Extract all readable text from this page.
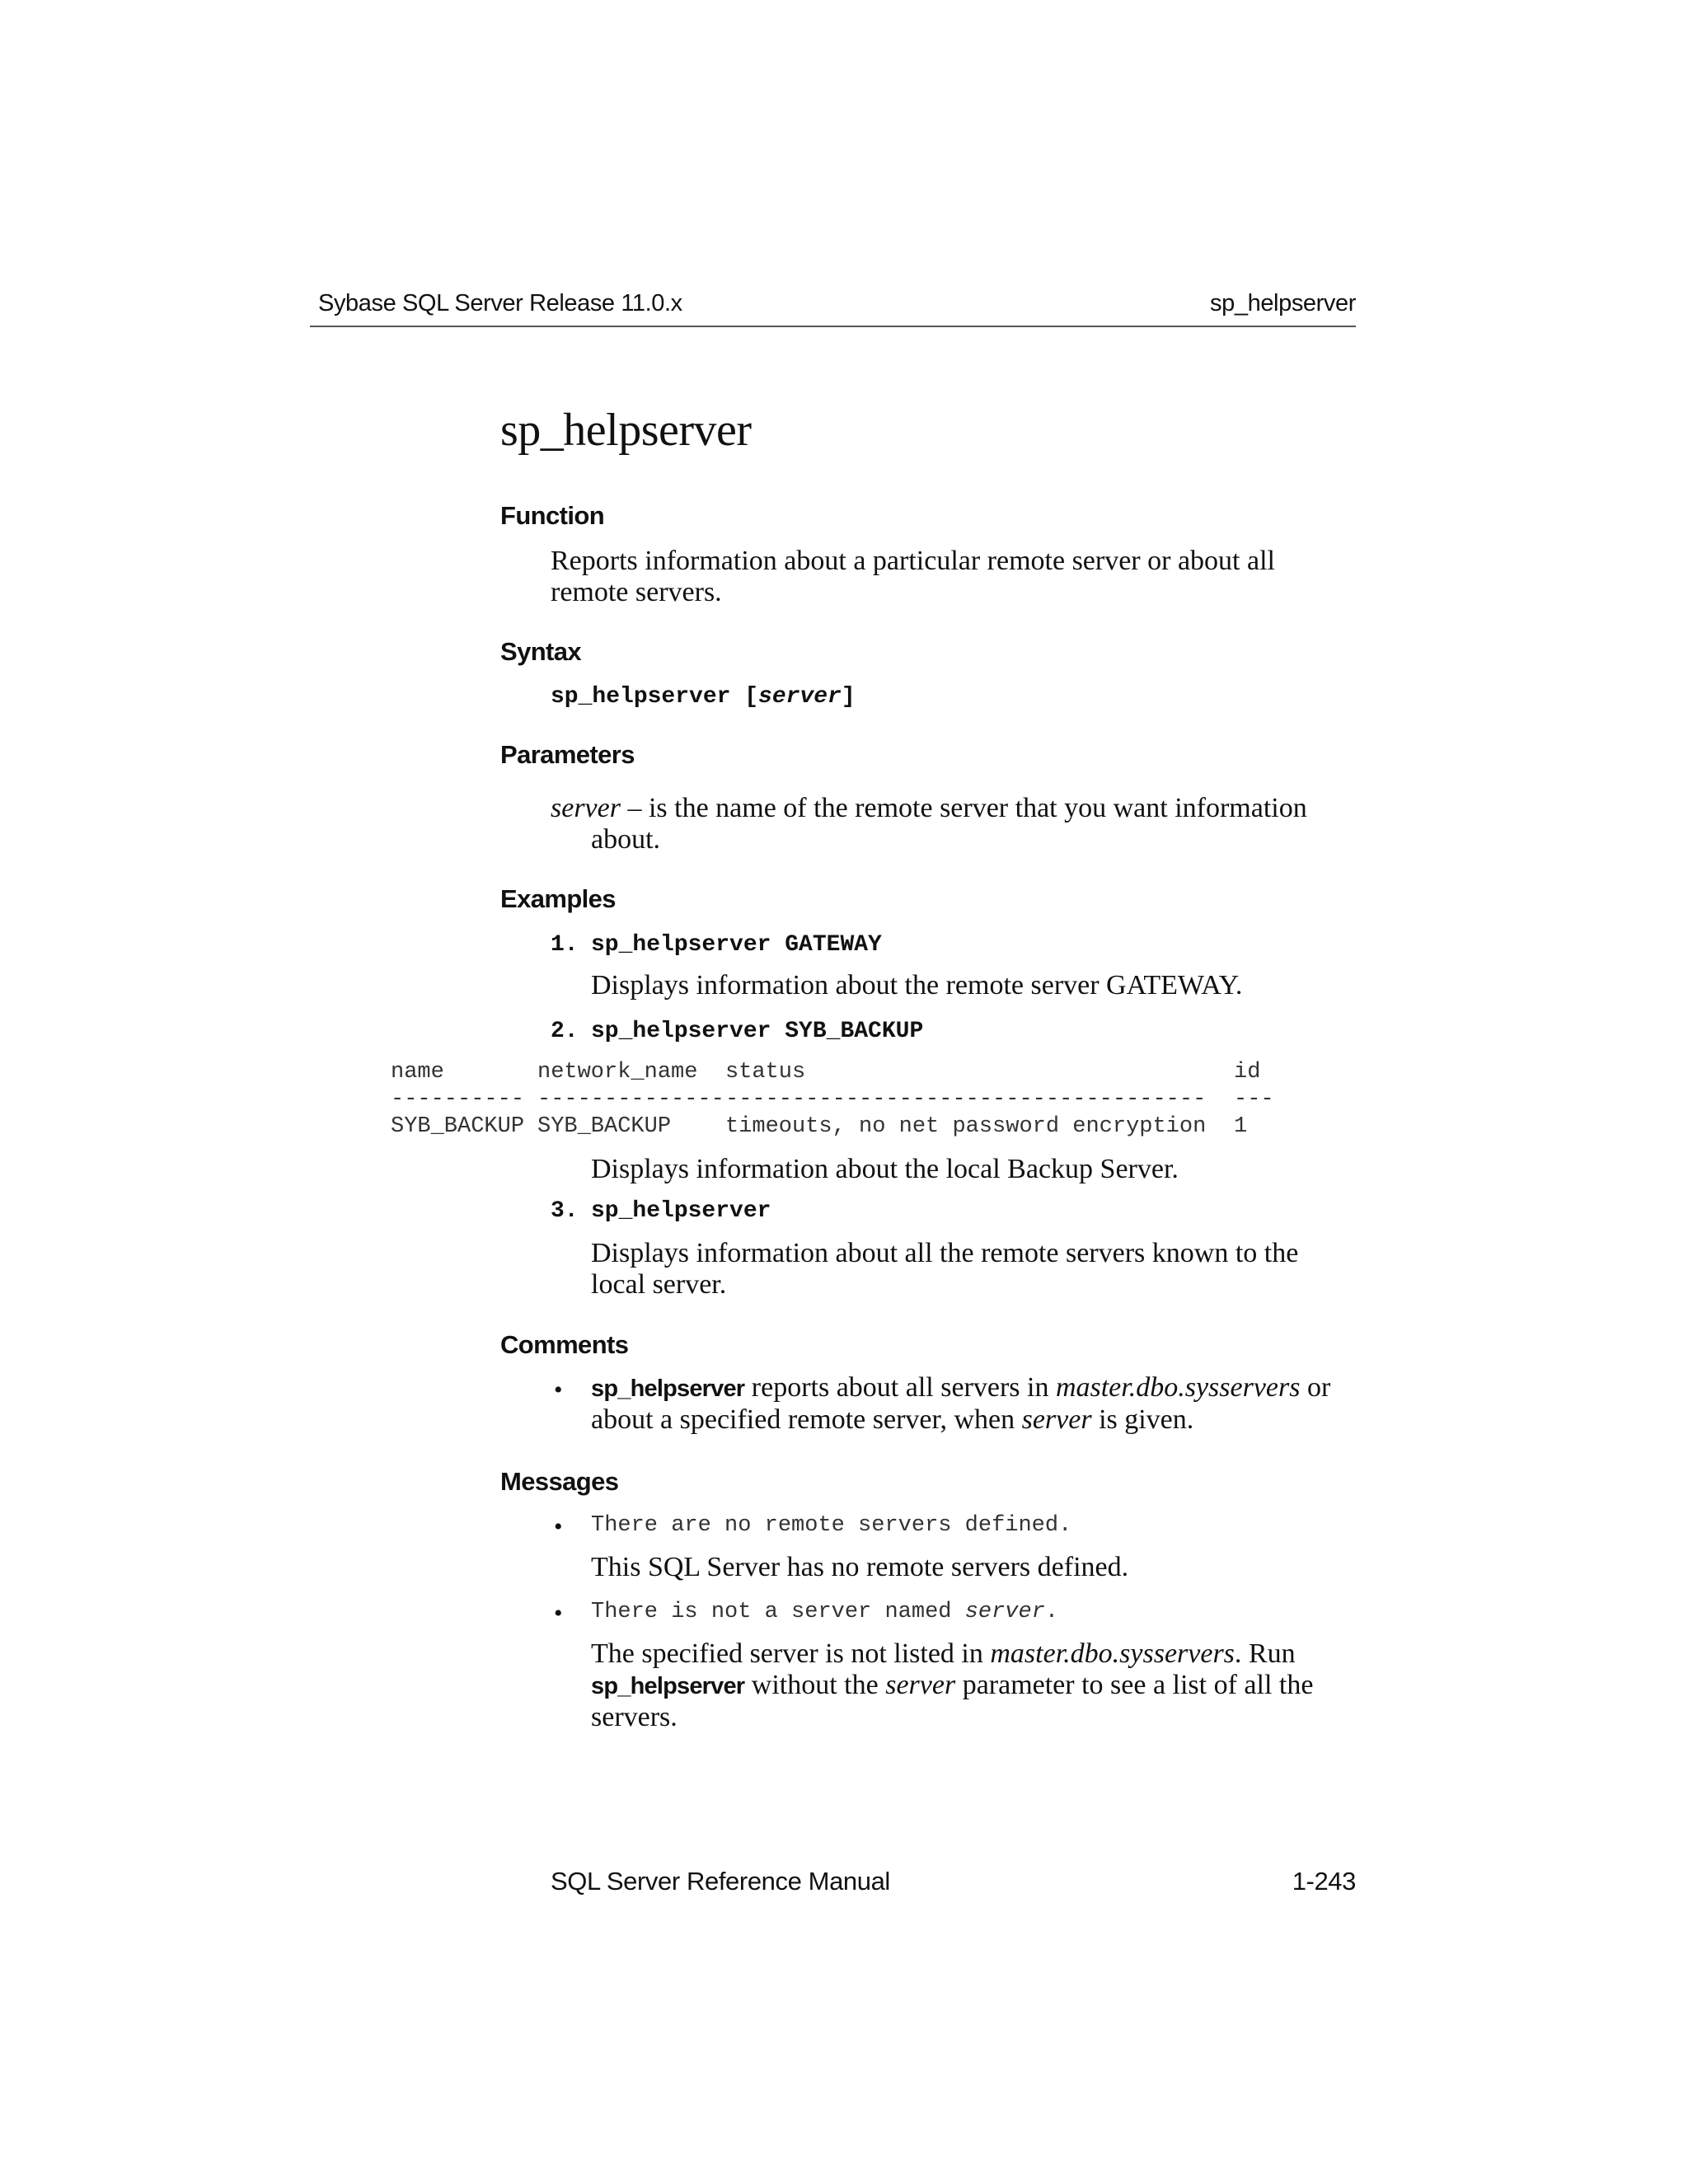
Sybase SQL Server Release 11.0.x	sp_helpserver
sp_helpserver
Function
Reports information about a particular remote server or about all remote servers.
Syntax
sp_helpserver [server]
Parameters
server – is the name of the remote server that you want information
about.
Examples
1. sp_helpserver GATEWAY
Displays information about the remote server GATEWAY.
2. sp_helpserver SYB_BACKUP
name	network_name	status	id
----------	--------------	------------------------------------	---
SYB_BACKUP	SYB_BACKUP	timeouts, no net password encryption	1
Displays information about the local Backup Server.
3. sp_helpserver
Displays information about all the remote servers known to the local server.
Comments
• sp_helpserver reports about all servers in master.dbo.sysservers or about a specified remote server, when server is given.
Messages
• There are no remote servers defined.
This SQL Server has no remote servers defined.
• There is not a server named server.
The specified server is not listed in master.dbo.sysservers. Run sp_helpserver without the server parameter to see a list of all the servers.
SQL Server Reference Manual	1-243
